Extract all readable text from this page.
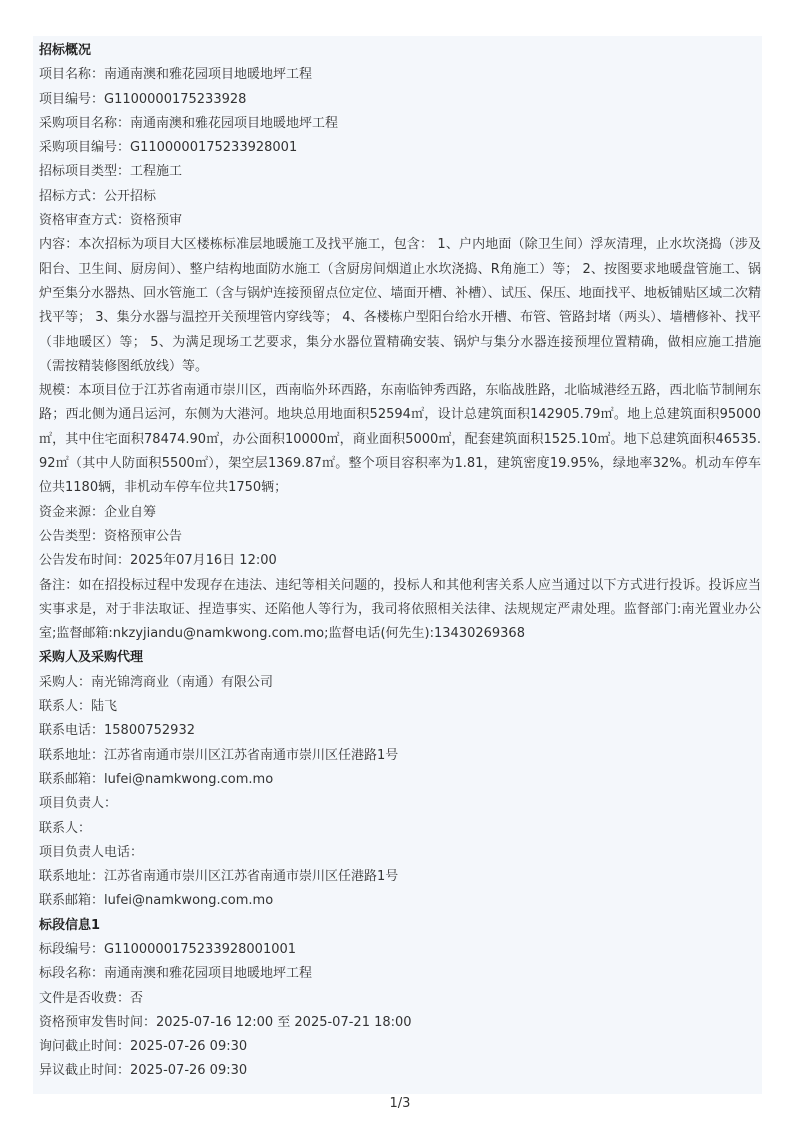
招标概况
项目名称：南通南澳和雅花园项目地暖地坪工程
项目编号：G1100000175233928
采购项目名称：南通南澳和雅花园项目地暖地坪工程
采购项目编号：G1100000175233928001
招标项目类型：工程施工
招标方式：公开招标
资格审查方式：资格预审
内容：本次招标为项目大区楼栋标准层地暖施工及找平施工，包含： 1、户内地面（除卫生间）浮灰清理，止水坎浇捣（涉及阳台、卫生间、厨房间）、整户结构地面防水施工（含厨房间烟道止水坎浇捣、R角施工）等； 2、按图要求地暖盘管施工、锅炉至集分水器热、回水管施工（含与锅炉连接预留点位定位、墙面开槽、补槽）、试压、保压、地面找平、地板铺贴区域二次精找平等； 3、集分水器与温控开关预埋管内穿线等； 4、各楼栋户型阳台给水开槽、布管、管路封堵（两头）、墙槽修补、找平（非地暖区）等； 5、为满足现场工艺要求，集分水器位置精确安装、锅炉与集分水器连接预埋位置精确，做相应施工措施（需按精装修图纸放线）等。
规模：本项目位于江苏省南通市崇川区，西南临外环西路，东南临钟秀西路，东临战胜路，北临城港经五路，西北临节制闸东路；西北侧为通吕运河，东侧为大港河。地块总用地面积52594㎡，设计总建筑面积142905.79㎡。地上总建筑面积95000㎡，其中住宅面积78474.90㎡，办公面积10000㎡，商业面积5000㎡，配套建筑面积1525.10㎡。地下总建筑面积46535.92㎡（其中人防面积5500㎡），架空层1369.87㎡。整个项目容积率为1.81，建筑密度19.95%，绿地率32%。机动车停车位共1180辆，非机动车停车位共1750辆；
资金来源：企业自筹
公告类型：资格预审公告
公告发布时间：2025年07月16日 12:00
备注：如在招投标过程中发现存在违法、违纪等相关问题的，投标人和其他利害关系人应当通过以下方式进行投诉。投诉应当实事求是，对于非法取证、捏造事实、还陷他人等行为，我司将依照相关法律、法规规定严肃处理。监督部门:南光置业办公室;监督邮箱:nkzyjiandu@namkwong.com.mo;监督电话(何先生):13430269368
采购人及采购代理
采购人：南光锦湾商业（南通）有限公司
联系人：陆飞
联系电话：15800752932
联系地址：江苏省南通市崇川区江苏省南通市崇川区任港路1号
联系邮箱：lufei@namkwong.com.mo
项目负责人：
联系人：
项目负责人电话：
联系地址：江苏省南通市崇川区江苏省南通市崇川区任港路1号
联系邮箱：lufei@namkwong.com.mo
标段信息1
标段编号：G1100000175233928001001
标段名称：南通南澳和雅花园项目地暖地坪工程
文件是否收费：否
资格预审发售时间：2025-07-16 12:00 至 2025-07-21 18:00
询问截止时间：2025-07-26 09:30
异议截止时间：2025-07-26 09:30
1/3
